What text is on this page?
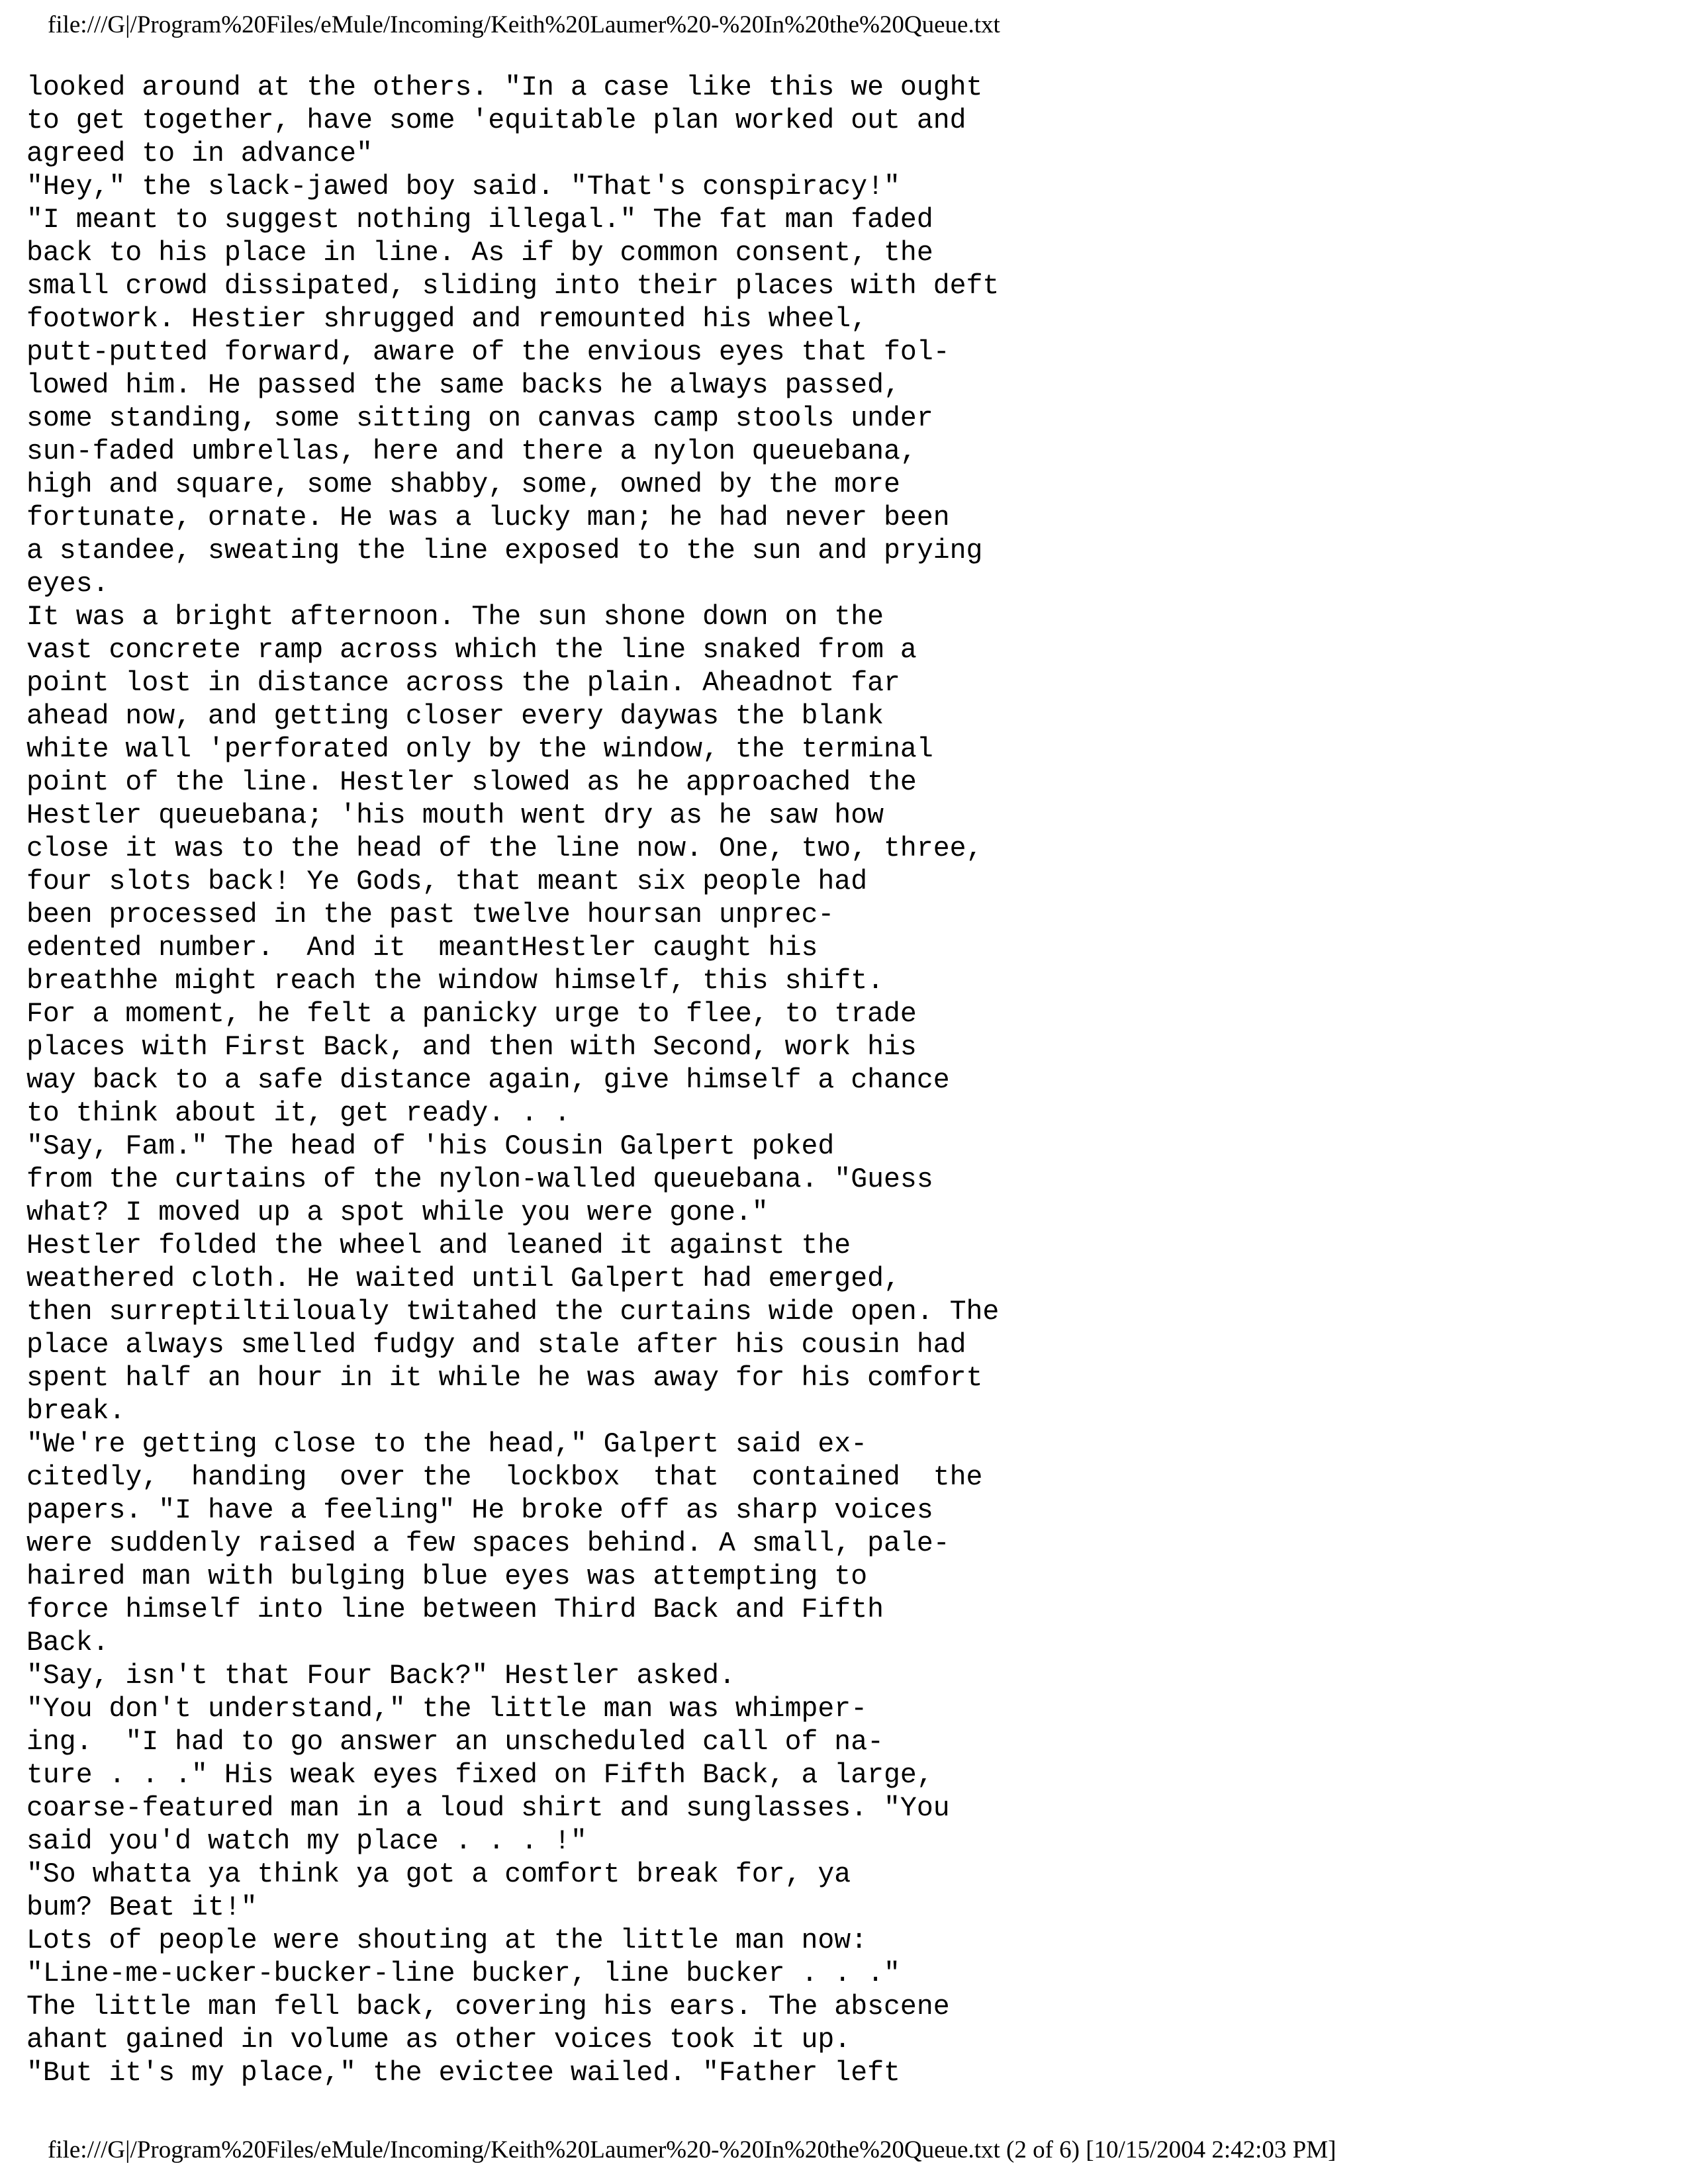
file:///G|/Program%20Files/eMule/Incoming/Keith%20Laumer%20-%20In%20the%20Queue.txt
looked around at the others. "In a case like this we ought
to get together, have some 'equitable plan worked out and
agreed to in advance"
"Hey," the slack-jawed boy said. "That's conspiracy!"
"I meant to suggest nothing illegal." The fat man faded
back to his place in line. As if by common consent, the
small crowd dissipated, sliding into their places with deft
footwork. Hestier shrugged and remounted his wheel,
putt-putted forward, aware of the envious eyes that fol-
lowed him. He passed the same backs he always passed,
some standing, some sitting on canvas camp stools under
sun-faded umbrellas, here and there a nylon queuebana,
high and square, some shabby, some, owned by the more
fortunate, ornate. He was a lucky man; he had never been
a standee, sweating the line exposed to the sun and prying
eyes.
It was a bright afternoon. The sun shone down on the
vast concrete ramp across which the line snaked from a
point lost in distance across the plain. Aheadnot far
ahead now, and getting closer every daywas the blank
white wall 'perforated only by the window, the terminal
point of the line. Hestler slowed as he approached the
Hestler queuebana; 'his mouth went dry as he saw how
close it was to the head of the line now. One, two, three,
four slots back! Ye Gods, that meant six people had
been processed in the past twelve hoursan unprec-
edented number.  And it  meantHestler caught his
breathhe might reach the window himself, this shift.
For a moment, he felt a panicky urge to flee, to trade
places with First Back, and then with Second, work his
way back to a safe distance again, give himself a chance
to think about it, get ready. . .
"Say, Fam." The head of 'his Cousin Galpert poked
from the curtains of the nylon-walled queuebana. "Guess
what? I moved up a spot while you were gone."
Hestler folded the wheel and leaned it against the
weathered cloth. He waited until Galpert had emerged,
then surreptiltiloualy twitahed the curtains wide open. The
place always smelled fudgy and stale after his cousin had
spent half an hour in it while he was away for his comfort
break.
"We're getting close to the head," Galpert said ex-
citedly,  handing  over the  lockbox  that  contained  the
papers. "I have a feeling" He broke off as sharp voices
were suddenly raised a few spaces behind. A small, pale-
haired man with bulging blue eyes was attempting to
force himself into line between Third Back and Fifth
Back.
"Say, isn't that Four Back?" Hestler asked.
"You don't understand," the little man was whimper-
ing.  "I had to go answer an unscheduled call of na-
ture . . ." His weak eyes fixed on Fifth Back, a large,
coarse-featured man in a loud shirt and sunglasses. "You
said you'd watch my place . . . !"
"So whatta ya think ya got a comfort break for, ya
bum? Beat it!"
Lots of people were shouting at the little man now:
"Line-me-ucker-bucker-line bucker, line bucker . . ."
The little man fell back, covering his ears. The abscene
ahant gained in volume as other voices took it up.
"But it's my place," the evictee wailed. "Father left
file:///G|/Program%20Files/eMule/Incoming/Keith%20Laumer%20-%20In%20the%20Queue.txt (2 of 6) [10/15/2004 2:42:03 PM]
